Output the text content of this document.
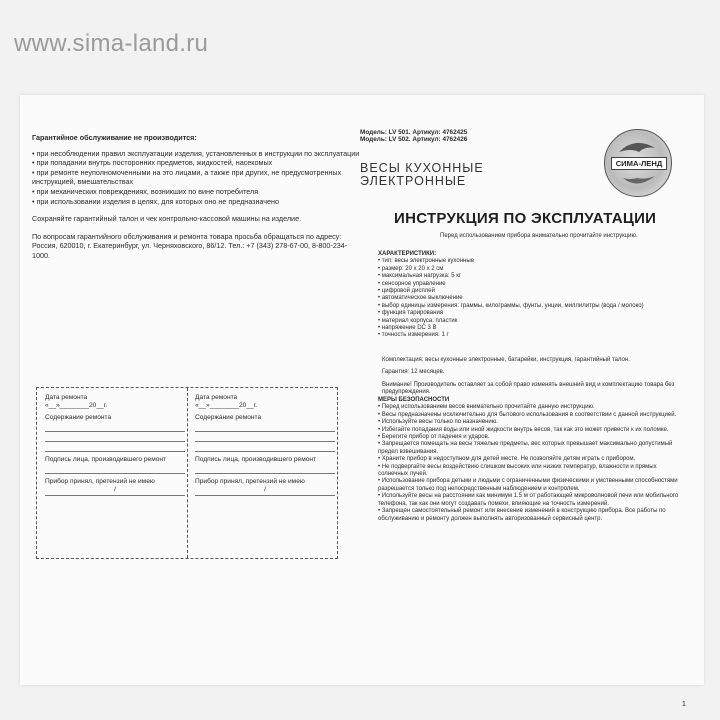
www.sima-land.ru
Гарантийное обслуживание не производится:
• при несоблюдении правил эксплуатации изделия, установленных в инструкции по эксплуатации
• при попадании внутрь посторонних предметов, жидкостей, насекомых
• при ремонте неуполномоченными на это лицами, а также при других, не предусмотренных инструкцией, вмешательствах
• при механических повреждениях, возникших по вине потребителя
• при использовании изделия в целях, для которых оно не предназначено
Сохраняйте гарантийный талон и чек контрольно-кассовой машины на изделие.
По вопросам гарантийного обслуживания и ремонта товара просьба обращаться по адресу: Россия, 620010, г. Екатеринбург, ул. Черняховского, 86/12. Тел.: +7 (343) 278-67-00, 8-800-234-1000.
Дата ремонта
«__»________20__г.
Содержание ремонта
Подпись лица, производившего ремонт
Прибор принял, претензий не имею
/
Дата ремонта
«__»________20__г.
Содержание ремонта
Подпись лица, производившего ремонт
Прибор принял, претензий не имею
/
Модель: LV 501. Артикул: 4762425
Модель: LV 502. Артикул: 4762426
ВЕСЫ КУХОННЫЕ ЭЛЕКТРОННЫЕ
СИМА-ЛЕНД
ИНСТРУКЦИЯ ПО ЭКСПЛУАТАЦИИ
Перед использованием прибора внимательно прочитайте инструкцию.
ХАРАКТЕРИСТИКИ:
• тип: весы электронные кухонные
• размер: 20 x 20 x 2 см
• максимальная нагрузка: 5 кг
• сенсорное управление
• цифровой дисплей
• автоматическое выключение
• выбор единицы измерения: граммы, килограммы, фунты, унции, миллилитры (вода / молоко)
• функция тарирования
• материал корпуса: пластик
• напряжение DC 3 В
• точность измерения: 1 г
Комплектация: весы кухонные электронные, батарейки, инструкция, гарантийный талон.
Гарантия: 12 месяцев.
Внимание! Производитель оставляет за собой право изменять внешний вид и комплектацию товара без предупреждения.
МЕРЫ БЕЗОПАСНОСТИ
• Перед использованием весов внимательно прочитайте данную инструкцию.
• Весы предназначены исключительно для бытового использования в соответствии с данной инструкцией.
• Используйте весы только по назначению.
• Избегайте попадания воды или иной жидкости внутрь весов, так как это может привести к их поломке.
• Берегите прибор от падения и ударов.
• Запрещается помещать на весы тяжелые предметы, вес которых превышает максимально допустимый предел взвешивания.
• Храните прибор в недоступном для детей месте. Не позволяйте детям играть с прибором.
• Не подвергайте весы воздействию слишком высоких или низких температур, влажности и прямых солнечных лучей.
• Использование прибора детьми и людьми с ограниченными физическими и умственными способностями разрешается только под непосредственным наблюдением и контролем.
• Используйте весы на расстоянии как минимум 1.5 м от работающей микроволновой печи или мобильного телефона, так как они могут создавать помехи, влияющие на точность измерений.
• Запрещен самостоятельный ремонт или внесение изменений в конструкцию прибора. Все работы по обслуживанию и ремонту должен выполнять авторизованный сервисный центр.
1
